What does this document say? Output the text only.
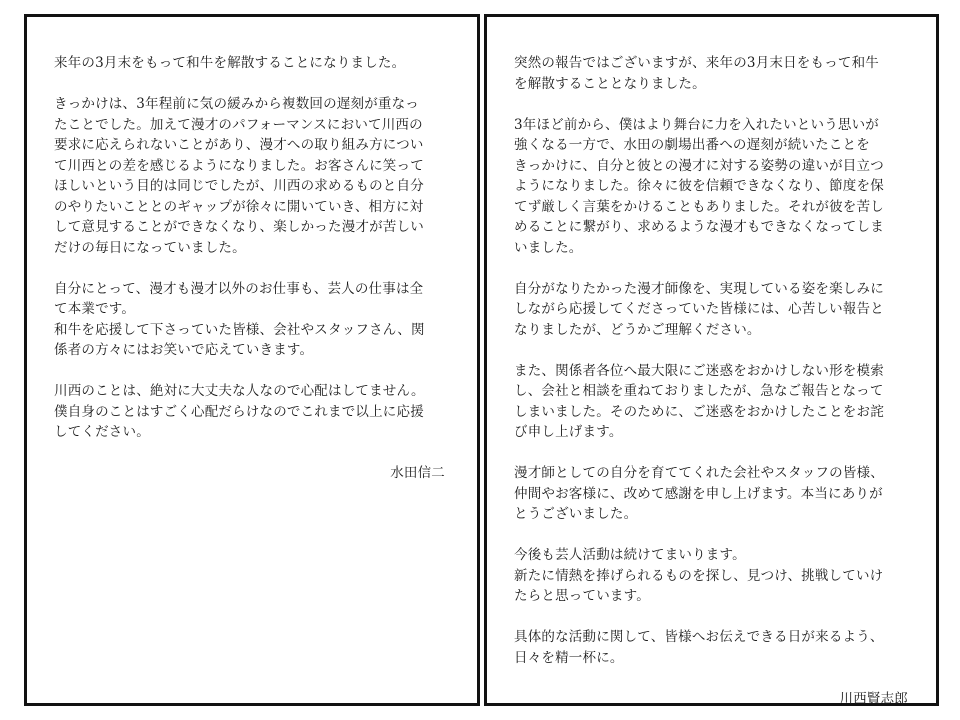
来年の3月末をもって和牛を解散することになりました。

きっかけは、3年程前に気の緩みから複数回の遅刻が重なっ
たことでした。加えて漫才のパフォーマンスにおいて川西の
要求に応えられないことがあり、漫才への取り組み方につい
て川西との差を感じるようになりました。お客さんに笑って
ほしいという目的は同じでしたが、川西の求めるものと自分
のやりたいこととのギャップが徐々に開いていき、相方に対
して意見することができなくなり、楽しかった漫才が苦しい
だけの毎日になっていました。

自分にとって、漫才も漫才以外のお仕事も、芸人の仕事は全
て本業です。
和牛を応援して下さっていた皆様、会社やスタッフさん、関
係者の方々にはお笑いで応えていきます。

川西のことは、絶対に大丈夫な人なので心配はしてません。
僕自身のことはすごく心配だらけなのでこれまで以上に応援
してください。

水田信二

突然の報告ではございますが、来年の3月末日をもって和牛
を解散することとなりました。

3年ほど前から、僕はより舞台に力を入れたいという思いが
強くなる一方で、水田の劇場出番への遅刻が続いたことを
きっかけに、自分と彼との漫才に対する姿勢の違いが目立つ
ようになりました。徐々に彼を信頼できなくなり、節度を保
てず厳しく言葉をかけることもありました。それが彼を苦し
めることに繋がり、求めるような漫才もできなくなってしま
いました。

自分がなりたかった漫才師像を、実現している姿を楽しみに
しながら応援してくださっていた皆様には、心苦しい報告と
なりましたが、どうかご理解ください。

また、関係者各位へ最大限にご迷惑をおかけしない形を模索
し、会社と相談を重ねておりましたが、急なご報告となって
しまいました。そのために、ご迷惑をおかけしたことをお詫
び申し上げます。

漫才師としての自分を育ててくれた会社やスタッフの皆様、
仲間やお客様に、改めて感謝を申し上げます。本当にありが
とうございました。

今後も芸人活動は続けてまいります。
新たに情熱を捧げられるものを探し、見つけ、挑戦していけ
たらと思っています。

具体的な活動に関して、皆様へお伝えできる日が来るよう、
日々を精一杯に。

川西賢志郎
